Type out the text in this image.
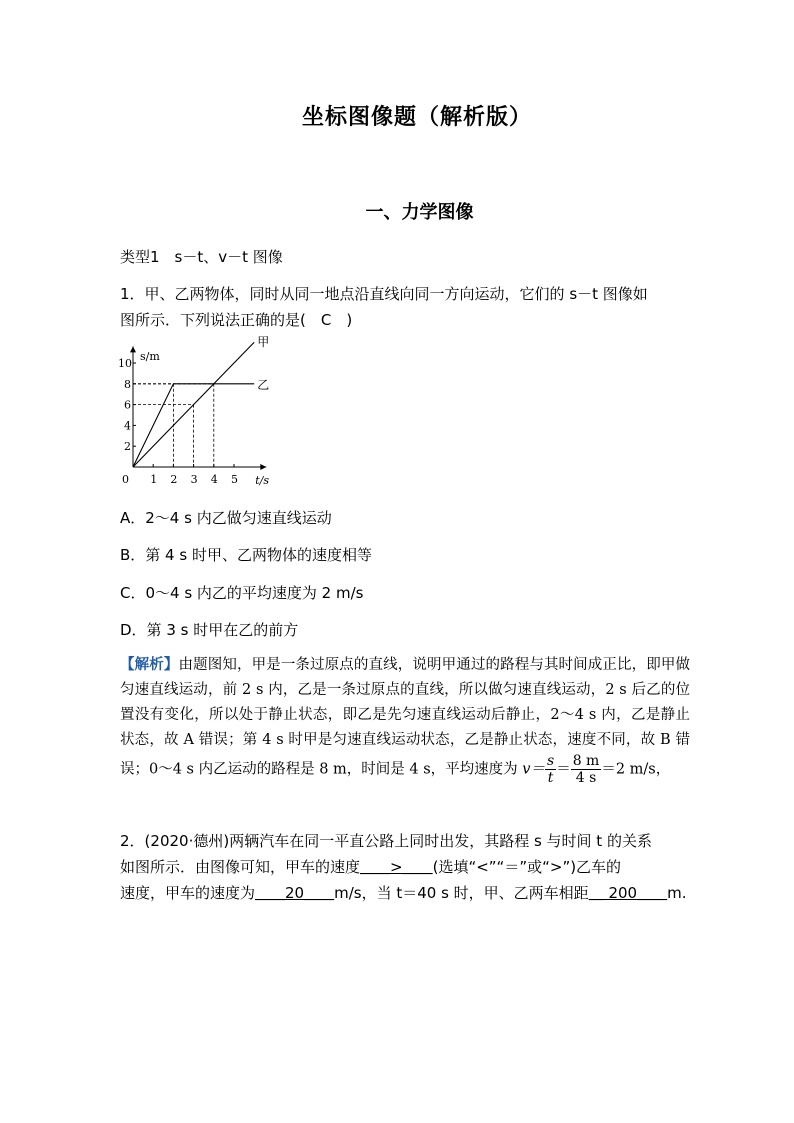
坐标图像题（解析版）
一、力学图像
类型1　s－t、v－t 图像
1．甲、乙两物体，同时从同一地点沿直线向同一方向运动，它们的 s－t 图像如
图所示．下列说法正确的是(　C　)
s/m
t/s
0 1 2 3 4 5
2
4
6
8
10
甲
乙
A．2～4 s 内乙做匀速直线运动
B．第 4 s 时甲、乙两物体的速度相等
C．0～4 s 内乙的平均速度为 2 m/s
D．第 3 s 时甲在乙的前方
【解析】由题图知，甲是一条过原点的直线，说明甲通过的路程与其时间成正比，即甲做匀速直线运动，前 2 s 内，乙是一条过原点的直线，所以做匀速直线运动，2 s 后乙的位置没有变化，所以处于静止状态，即乙是先匀速直线运动后静止，2～4 s 内，乙是静止状态，故 A 错误；第 4 s 时甲是匀速直线运动状态，乙是静止状态，速度不同，故 B 错误；0～4 s 内乙运动的路程是 8 m，时间是 4 s，平均速度为 $v= \frac{s}{t} = \frac{8 m}{4 s} =2$ m/s，
2．(2020·德州)两辆汽车在同一平直公路上同时出发，其路程 s 与时间 t 的关系
如图所示．由图像可知，甲车的速度＿＿>＿＿(选填“<”“＝”或“>”)乙车的
速度，甲车的速度为＿＿20＿＿m/s，当 t＝40 s 时，甲、乙两车相距＿ 200＿＿m.
